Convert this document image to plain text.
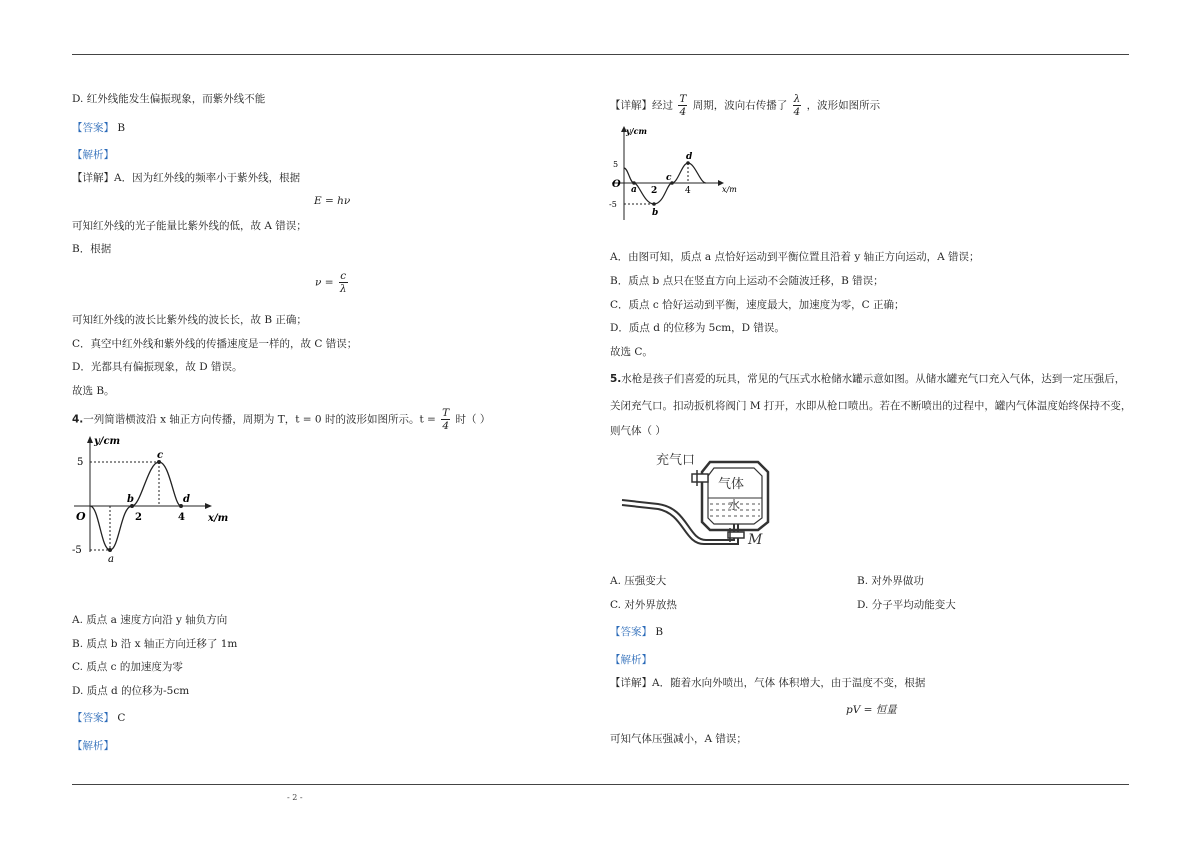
- 2 -
D. 红外线能发生偏振现象，而紫外线不能
【答案】 B
【解析】
【详解】A．因为红外线的频率小于紫外线，根据
E = hν
可知红外线的光子能量比紫外线的低，故 A 错误；
B．根据
$\nu = \frac{c}{\lambda}$
可知红外线的波长比紫外线的波长长，故 B 正确；
C．真空中红外线和紫外线的传播速度是一样的，故 C 错误；
D．光都具有偏振现象，故 D 错误。
故选 B。
4.一列简谐横波沿 x 轴正方向传播，周期为 T，t = 0 时的波形如图所示。$t = \frac{T}{4}$ 时（ ）
y/cm
x/m
5
-5
O	2	4
a
b
c
d
A. 质点 a 速度方向沿 y 轴负方向
B. 质点 b 沿 x 轴正方向迁移了 1m
C. 质点 c 的加速度为零
D. 质点 d 的位移为-5cm
【答案】 C
【解析】
【详解】经过 $\frac{T}{4}$ 周期，波向右传播了 $\frac{\lambda}{4}$ ，波形如图所示
y/cm
x/m
5
-5
O
2	4
a
b
c
d
A．由图可知，质点 a 点恰好运动到平衡位置且沿着 y 轴正方向运动，A 错误；
B．质点 b 点只在竖直方向上运动不会随波迁移，B 错误；
C．质点 c 恰好运动到平衡，速度最大，加速度为零，C 正确；
D．质点 d 的位移为 5cm，D 错误。
故选 C。
5.水枪是孩子们喜爱的玩具，常见的气压式水枪储水罐示意如图。从储水罐充气口充入气体，达到一定压强后，
关闭充气口。扣动扳机将阀门 M 打开，水即从枪口喷出。若在不断喷出的过程中，罐内气体温度始终保持不变，
则气体（ ）
充气口
气体
水
M
A. 压强变大	B. 对外界做功
C. 对外界放热	D. 分子平均动能变大
【答案】 B
【解析】
【详解】A．随着水向外喷出，气体 体积增大，由于温度不变，根据
pV = 恒量
可知气体压强减小，A 错误；
